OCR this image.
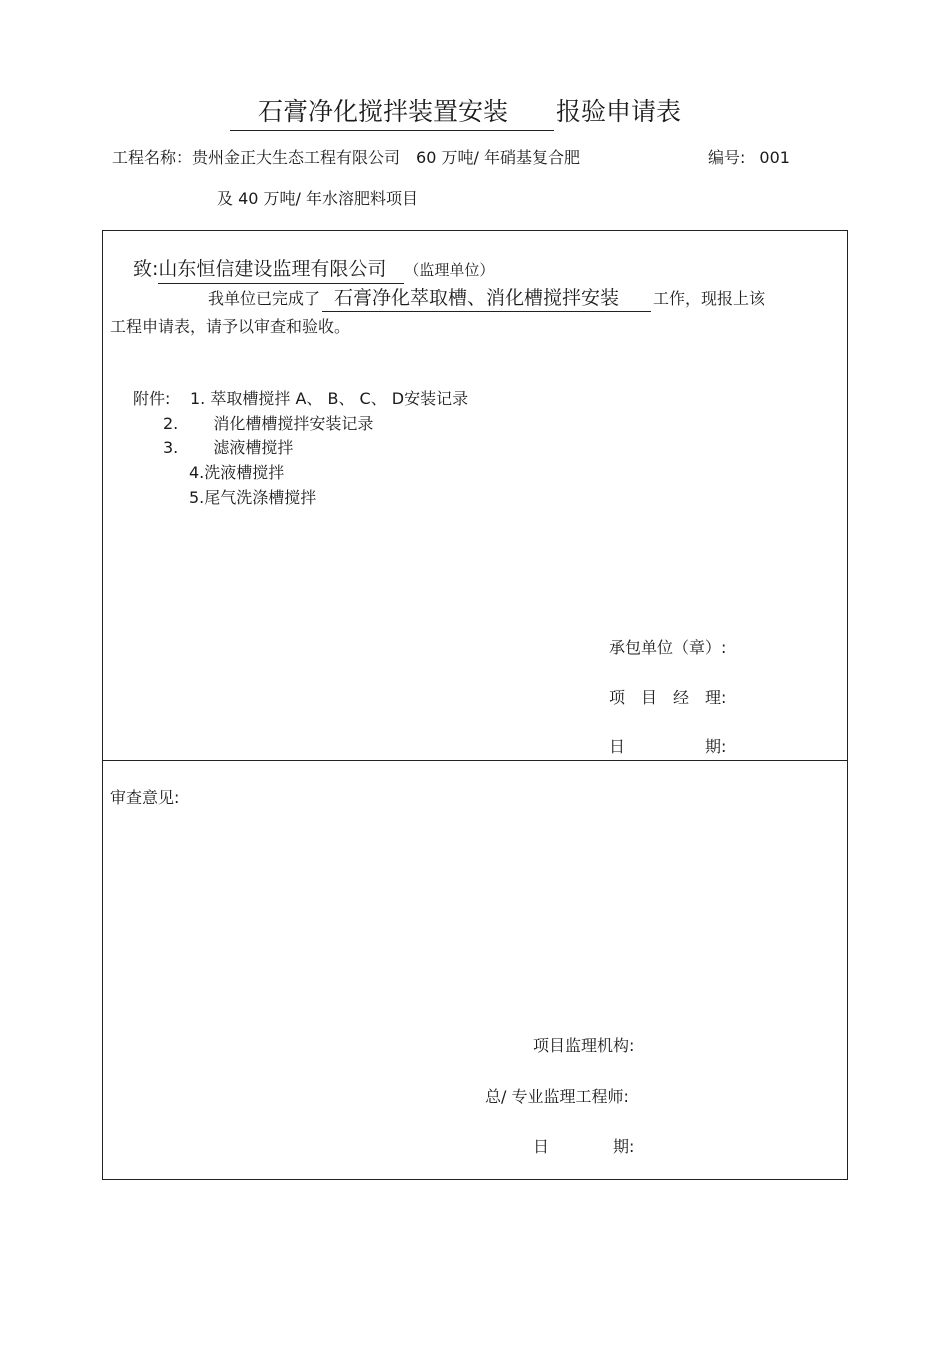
石膏净化搅拌装置安装 报验申请表
工程名称：贵州金正大生态工程有限公司　60 万吨/ 年硝基复合肥
及 40 万吨/ 年水溶肥料项目
编号: 001
致:山东恒信建设监理有限公司 （监理单位）
我单位已完成了 石膏净化萃取槽、消化槽搅拌安装 工作，现报上该
工程申请表，请予以审查和验收。
附件: 1. 萃取槽搅拌 A、 B、 C、 D安装记录
2. 消化槽槽搅拌安装记录
3. 滤液槽搅拌
4.洗液槽搅拌
5.尾气洗涤槽搅拌
承包单位（章）:
项　目　经　理:
日　　　　　期:
审查意见:
项目监理机构:
总/ 专业监理工程师:
日　　　　期:
